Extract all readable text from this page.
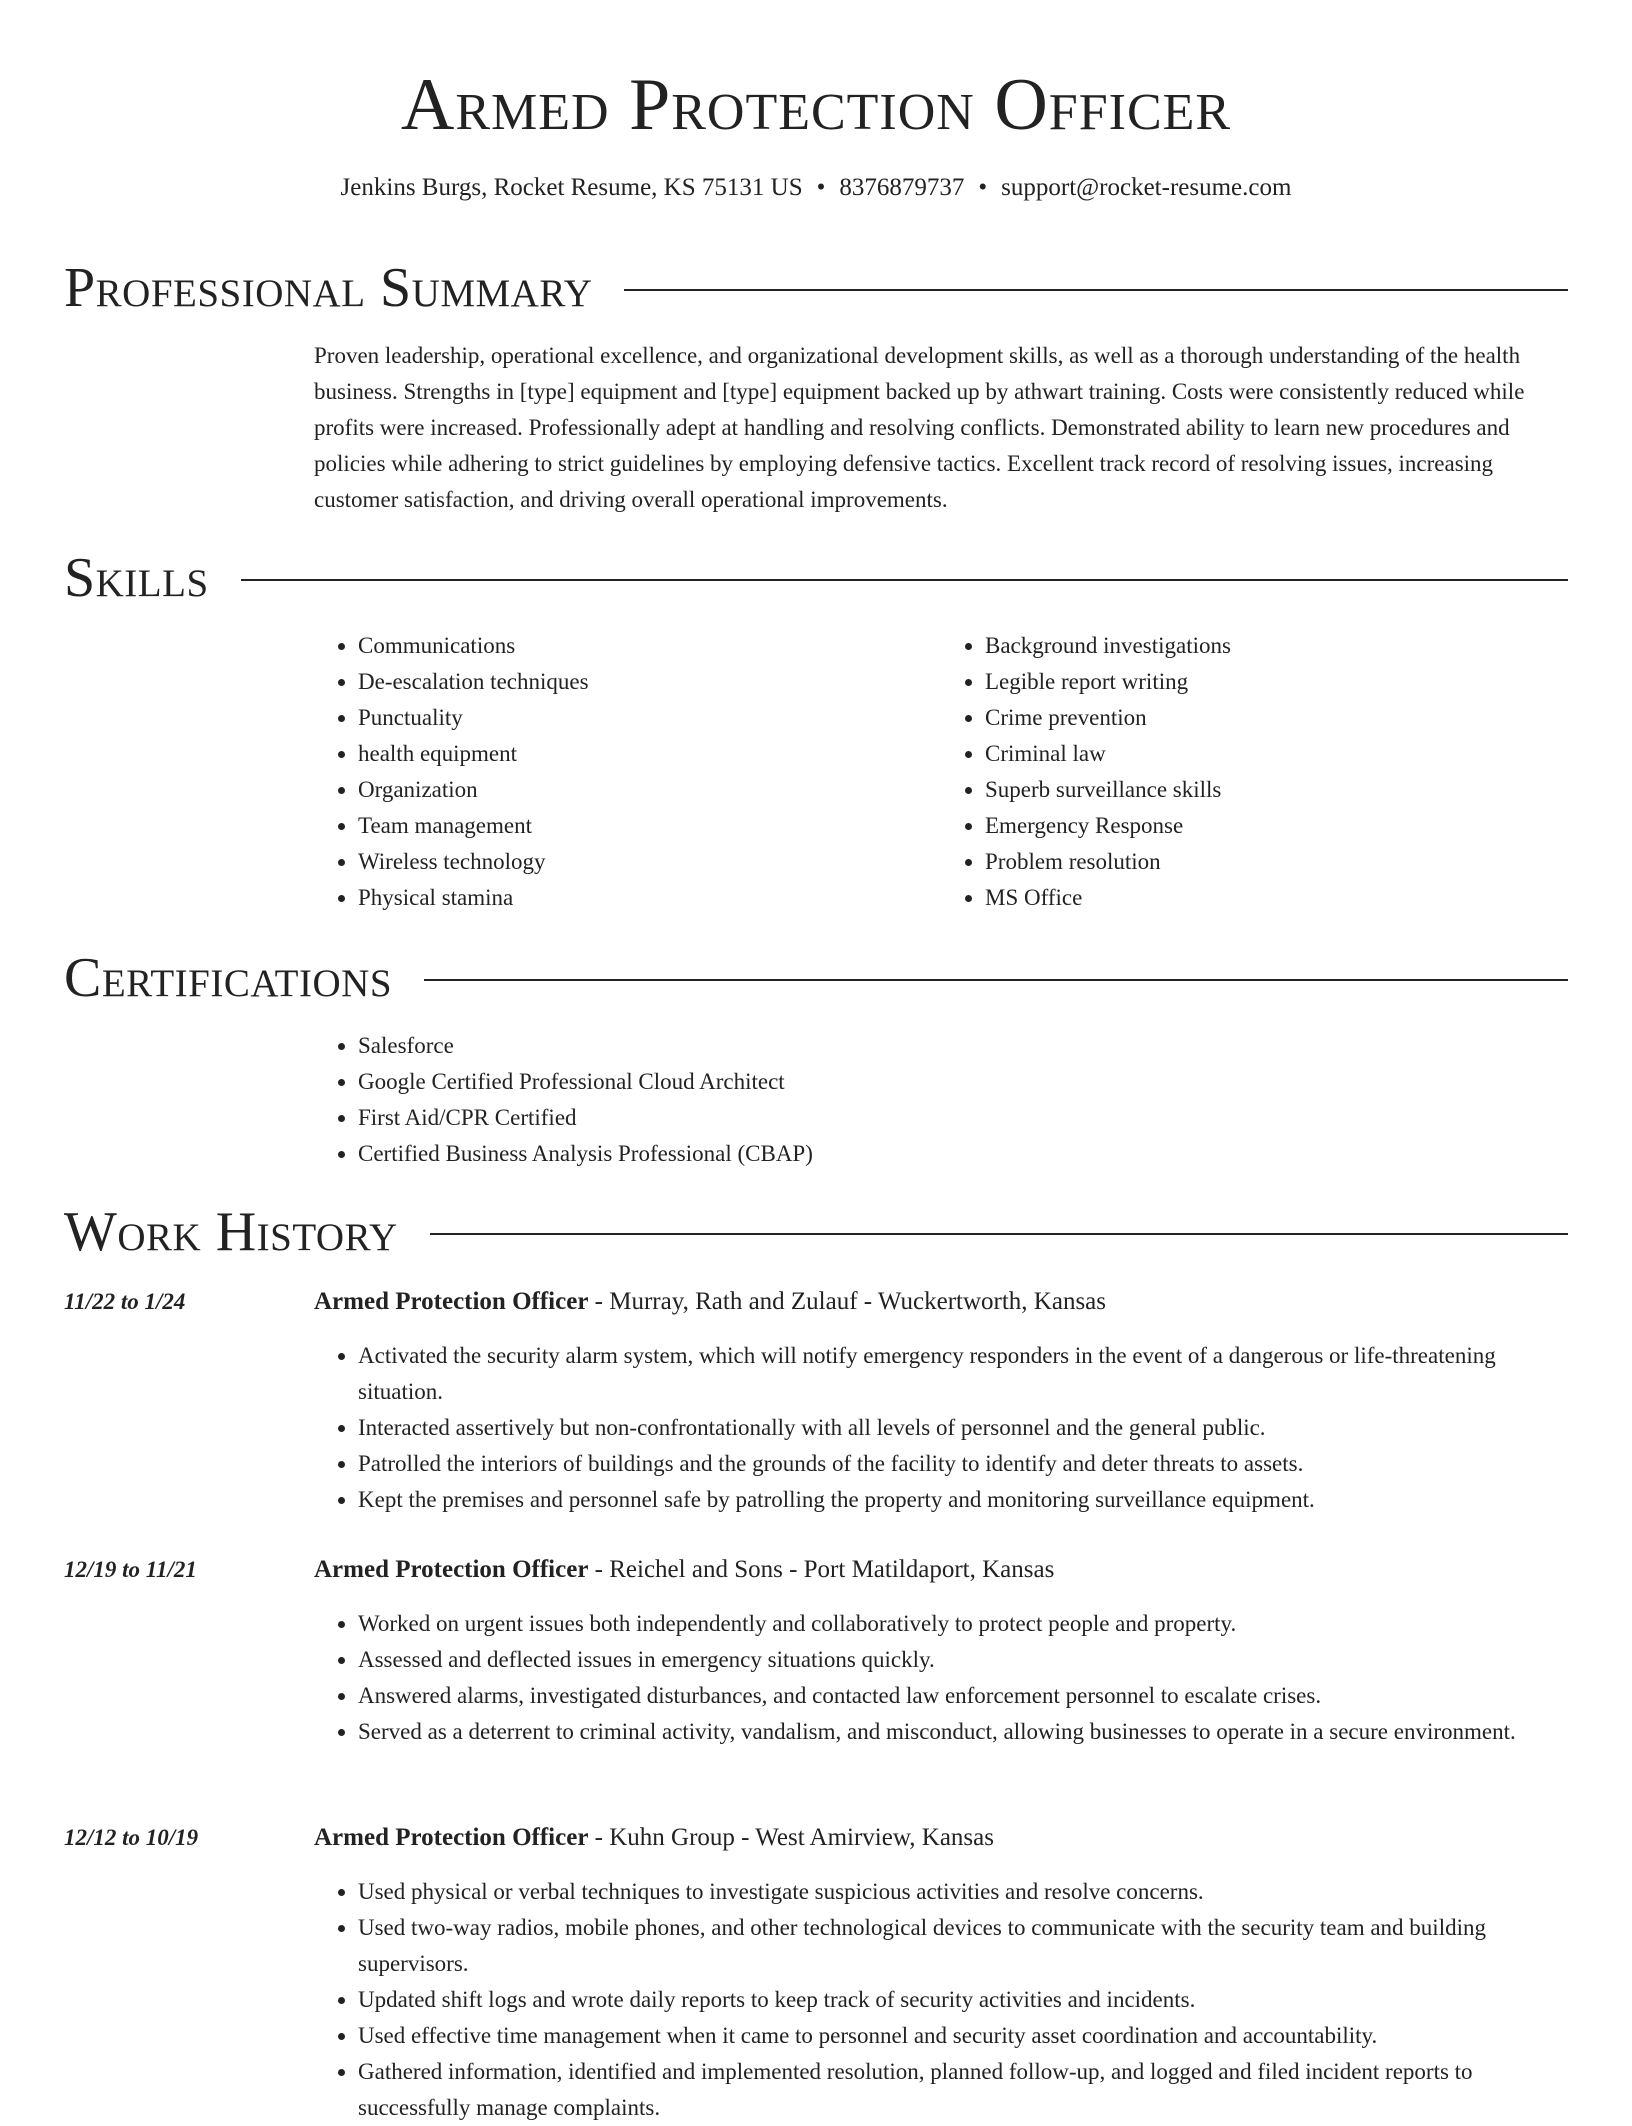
Armed Protection Officer
Jenkins Burgs, Rocket Resume, KS 75131 US • 8376879737 • support@rocket-resume.com
Professional Summary
Proven leadership, operational excellence, and organizational development skills, as well as a thorough understanding of the health business. Strengths in [type] equipment and [type] equipment backed up by athwart training. Costs were consistently reduced while profits were increased. Professionally adept at handling and resolving conflicts. Demonstrated ability to learn new procedures and policies while adhering to strict guidelines by employing defensive tactics. Excellent track record of resolving issues, increasing customer satisfaction, and driving overall operational improvements.
Skills
• Communications
• De-escalation techniques
• Punctuality
• health equipment
• Organization
• Team management
• Wireless technology
• Physical stamina
• Background investigations
• Legible report writing
• Crime prevention
• Criminal law
• Superb surveillance skills
• Emergency Response
• Problem resolution
• MS Office
Certifications
• Salesforce
• Google Certified Professional Cloud Architect
• First Aid/CPR Certified
• Certified Business Analysis Professional (CBAP)
Work History
11/22 to 1/24	Armed Protection Officer - Murray, Rath and Zulauf - Wuckertworth, Kansas
• Activated the security alarm system, which will notify emergency responders in the event of a dangerous or life-threatening situation.
• Interacted assertively but non-confrontationally with all levels of personnel and the general public.
• Patrolled the interiors of buildings and the grounds of the facility to identify and deter threats to assets.
• Kept the premises and personnel safe by patrolling the property and monitoring surveillance equipment.
12/19 to 11/21	Armed Protection Officer - Reichel and Sons - Port Matildaport, Kansas
• Worked on urgent issues both independently and collaboratively to protect people and property.
• Assessed and deflected issues in emergency situations quickly.
• Answered alarms, investigated disturbances, and contacted law enforcement personnel to escalate crises.
• Served as a deterrent to criminal activity, vandalism, and misconduct, allowing businesses to operate in a secure environment.
12/12 to 10/19	Armed Protection Officer - Kuhn Group - West Amirview, Kansas
• Used physical or verbal techniques to investigate suspicious activities and resolve concerns.
• Used two-way radios, mobile phones, and other technological devices to communicate with the security team and building supervisors.
• Updated shift logs and wrote daily reports to keep track of security activities and incidents.
• Used effective time management when it came to personnel and security asset coordination and accountability.
• Gathered information, identified and implemented resolution, planned follow-up, and logged and filed incident reports to successfully manage complaints.
